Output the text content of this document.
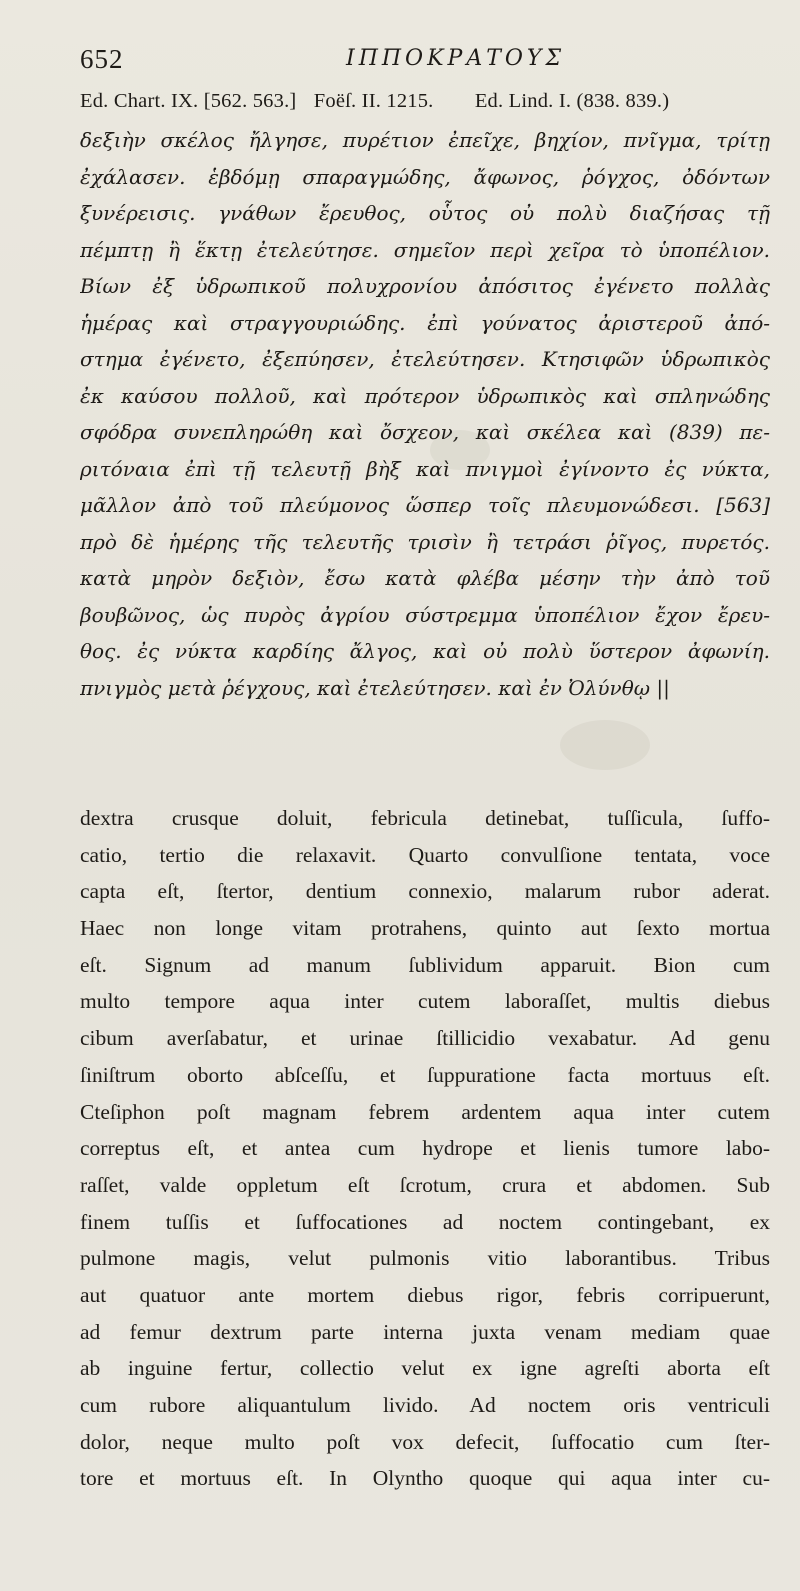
652	ΙΠΠΟΚΡΑΤΟΥΣ
Ed. Chart. IX. [562. 563.] Foëſ. II. 1215. Ed. Lind. I. (838. 839.)
δεξιὴν σκέλος ἤλγησε, πυρέτιον ἐπεῖχε, βηχίον, πνῖγμα, τρίτῃ
ἐχάλασεν. ἑβδόμῃ σπαραγμώδης, ἄφωνος, ῥόγχος, ὀδόντων
ξυνέρεισις. γνάθων ἔρευθος, οὗτος οὐ πολὺ διαζήσας τῇ
πέμπτῃ ἢ ἕκτῃ ἐτελεύτησε. σημεῖον περὶ χεῖρα τὸ ὑποπέλιον.
Βίων ἐξ ὑδρωπικοῦ πολυχρονίου ἀπόσιτος ἐγένετο πολλὰς
ἡμέρας καὶ στραγγουριώδης. ἐπὶ γούνατος ἀριστεροῦ ἀπό-
στημα ἐγένετο, ἐξεπύησεν, ἐτελεύτησεν. Κτησιφῶν ὑδρωπικὸς
ἐκ καύσου πολλοῦ, καὶ πρότερον ὑδρωπικὸς καὶ σπληνώδης
σφόδρα συνεπληρώθη καὶ ὄσχεον, καὶ σκέλεα καὶ (839) πε-
ριτόναια ἐπὶ τῇ τελευτῇ βὴξ καὶ πνιγμοὶ ἐγίνοντο ἐς νύκτα,
μᾶλλον ἀπὸ τοῦ πλεύμονος ὥσπερ τοῖς πλευμονώδεσι. [563]
πρὸ δὲ ἡμέρης τῆς τελευτῆς τρισὶν ἢ τετράσι ῥῖγος, πυρετός.
κατὰ μηρὸν δεξιὸν, ἔσω κατὰ φλέβα μέσην τὴν ἀπὸ τοῦ
βουβῶνος, ὡς πυρὸς ἀγρίου σύστρεμμα ὑποπέλιον ἔχον ἔρευ-
θος. ἐς νύκτα καρδίης ἄλγος, καὶ οὐ πολὺ ὕστερον ἀφωνίη.
πνιγμὸς μετὰ ῥέγχους, καὶ ἐτελεύτησεν. καὶ ἐν Ὀλύνθῳ ||
dextra crusque doluit, febricula detinebat, tuſſicula, ſuffo-
catio, tertio die relaxavit. Quarto convulſione tentata, voce
capta eſt, ſtertor, dentium connexio, malarum rubor aderat.
Haec non longe vitam protrahens, quinto aut ſexto mortua
eſt. Signum ad manum ſublividum apparuit. Bion cum
multo tempore aqua inter cutem laboraſſet, multis diebus
cibum averſabatur, et urinae ſtillicidio vexabatur. Ad genu
ſiniſtrum oborto abſceſſu, et ſuppuratione facta mortuus eſt.
Cteſiphon poſt magnam febrem ardentem aqua inter cutem
correptus eſt, et antea cum hydrope et lienis tumore labo-
raſſet, valde oppletum eſt ſcrotum, crura et abdomen. Sub
finem tuſſis et ſuffocationes ad noctem contingebant, ex
pulmone magis, velut pulmonis vitio laborantibus. Tribus
aut quatuor ante mortem diebus rigor, febris corripuerunt,
ad femur dextrum parte interna juxta venam mediam quae
ab inguine fertur, collectio velut ex igne agreſti aborta eſt
cum rubore aliquantulum livido. Ad noctem oris ventriculi
dolor, neque multo poſt vox defecit, ſuffocatio cum ſter-
tore et mortuus eſt. In Olyntho quoque qui aqua inter cu-
